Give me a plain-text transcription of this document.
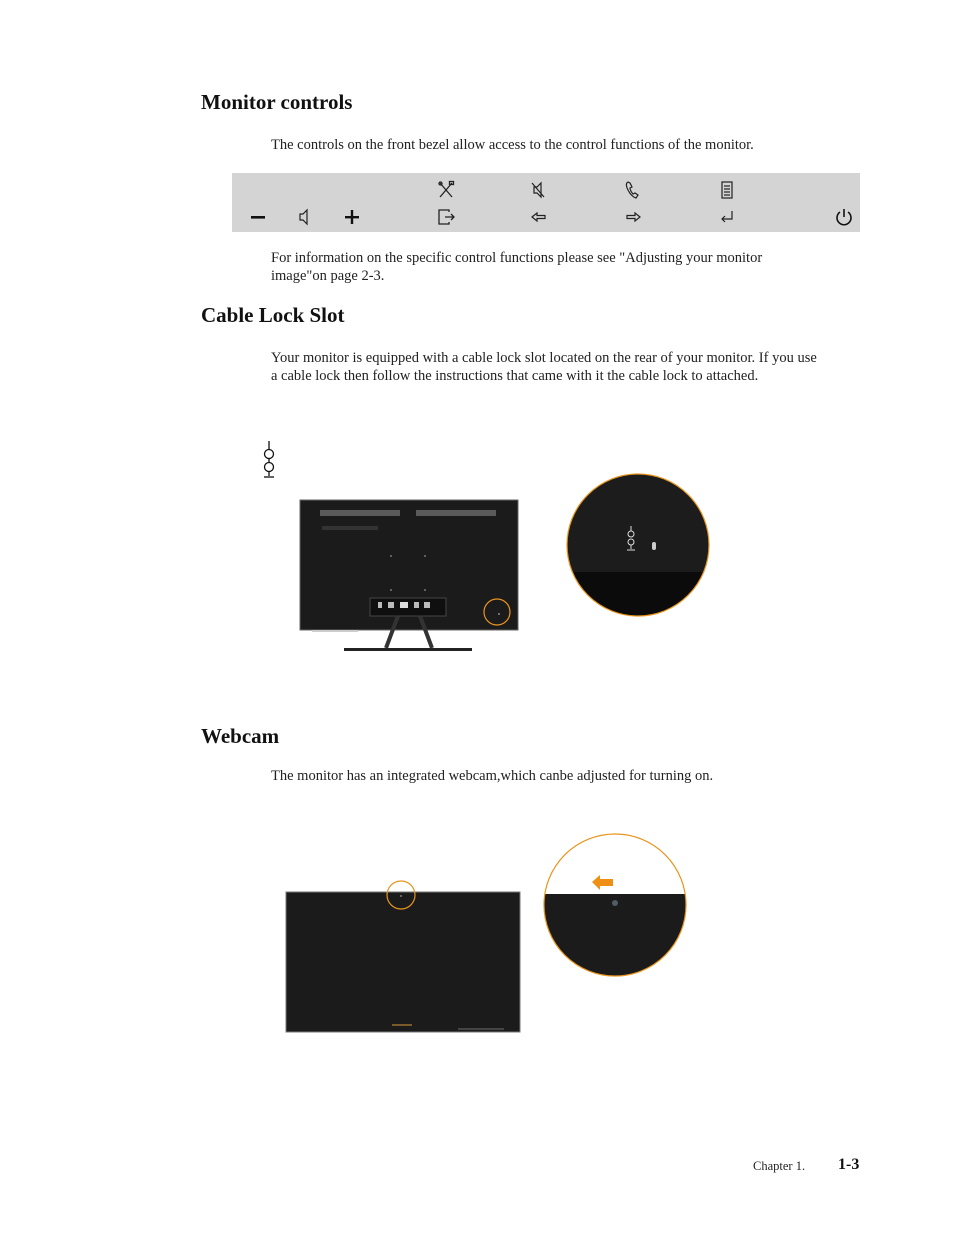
Monitor controls

The controls on the front bezel allow access to the control functions of the monitor.

For information on the specific control functions please see "Adjusting your monitor

image"on page 2-3.

Cable Lock Slot

Your monitor is equipped with a cable lock slot located on the rear of your monitor. If you use

a cable lock then follow the instructions that came with it the cable lock to attached.

Webcam

The monitor has an integrated webcam,which canbe adjusted for turning on.

Chapter 1. 1-3
